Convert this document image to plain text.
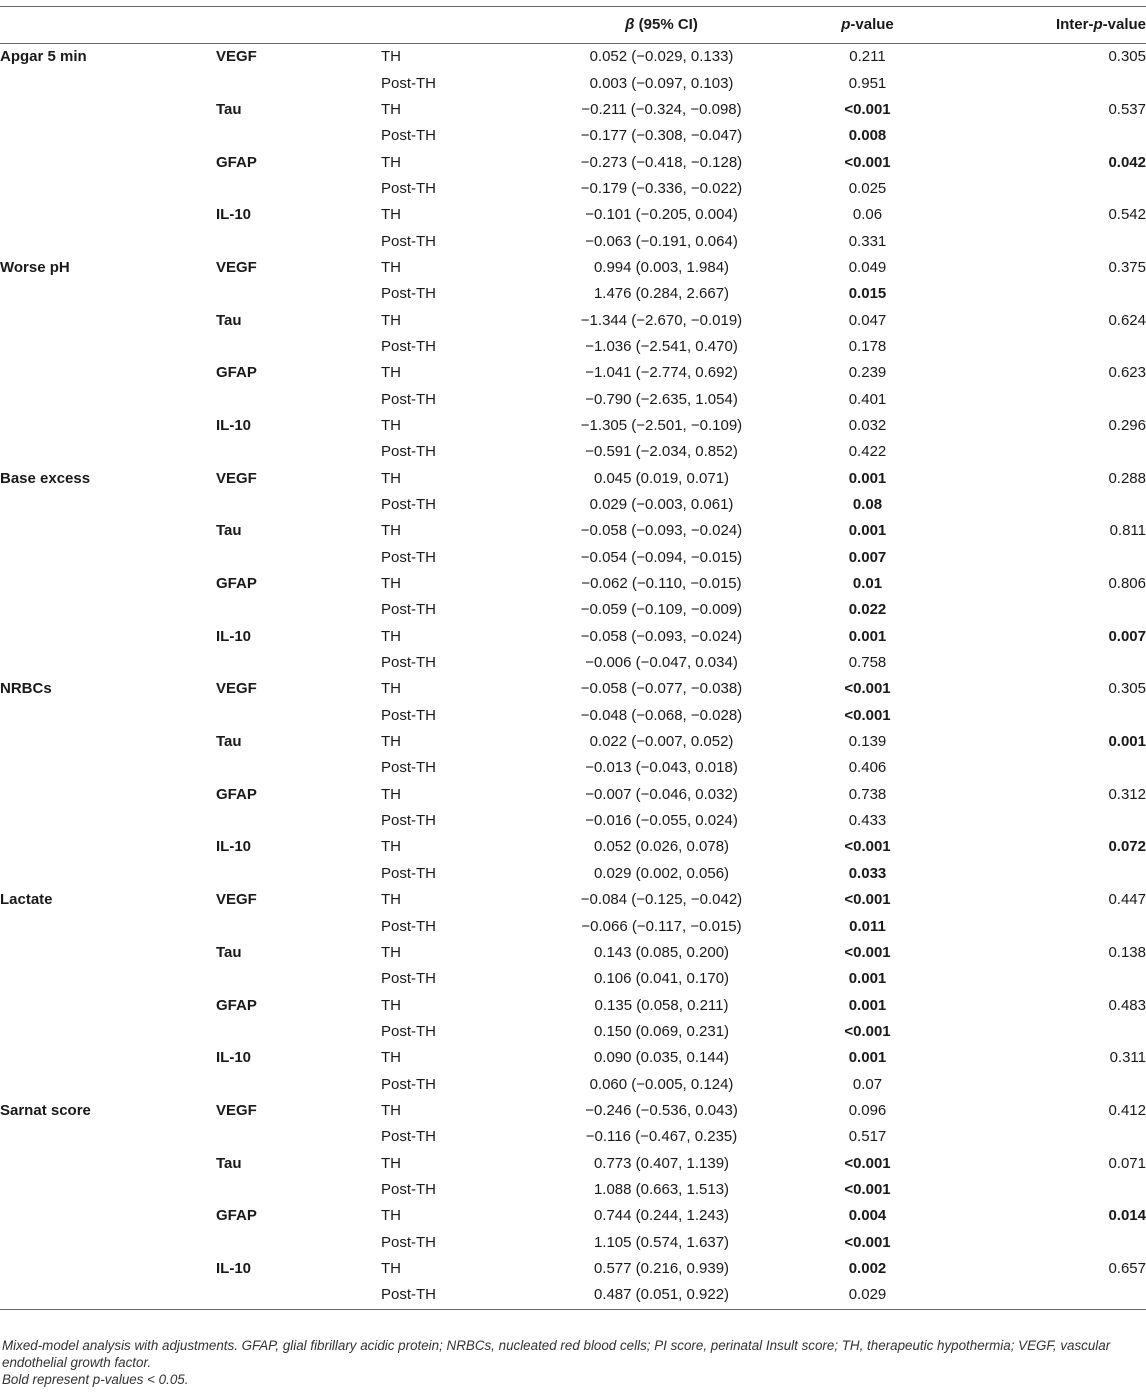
			β (95% CI)	p-value	Inter-p-value
Apgar 5 min	VEGF	TH	0.052 (−0.029, 0.133)	0.211	0.305
		Post-TH	0.003 (−0.097, 0.103)	0.951	
	Tau	TH	−0.211 (−0.324, −0.098)	<0.001	0.537
		Post-TH	−0.177 (−0.308, −0.047)	0.008	
	GFAP	TH	−0.273 (−0.418, −0.128)	<0.001	0.042
		Post-TH	−0.179 (−0.336, −0.022)	0.025	
	IL-10	TH	−0.101 (−0.205, 0.004)	0.06	0.542
		Post-TH	−0.063 (−0.191, 0.064)	0.331	
Worse pH	VEGF	TH	0.994 (0.003, 1.984)	0.049	0.375
		Post-TH	1.476 (0.284, 2.667)	0.015	
	Tau	TH	−1.344 (−2.670, −0.019)	0.047	0.624
		Post-TH	−1.036 (−2.541, 0.470)	0.178	
	GFAP	TH	−1.041 (−2.774, 0.692)	0.239	0.623
		Post-TH	−0.790 (−2.635, 1.054)	0.401	
	IL-10	TH	−1.305 (−2.501, −0.109)	0.032	0.296
		Post-TH	−0.591 (−2.034, 0.852)	0.422	
Base excess	VEGF	TH	0.045 (0.019, 0.071)	0.001	0.288
		Post-TH	0.029 (−0.003, 0.061)	0.08	
	Tau	TH	−0.058 (−0.093, −0.024)	0.001	0.811
		Post-TH	−0.054 (−0.094, −0.015)	0.007	
	GFAP	TH	−0.062 (−0.110, −0.015)	0.01	0.806
		Post-TH	−0.059 (−0.109, −0.009)	0.022	
	IL-10	TH	−0.058 (−0.093, −0.024)	0.001	0.007
		Post-TH	−0.006 (−0.047, 0.034)	0.758	
NRBCs	VEGF	TH	−0.058 (−0.077, −0.038)	<0.001	0.305
		Post-TH	−0.048 (−0.068, −0.028)	<0.001	
	Tau	TH	0.022 (−0.007, 0.052)	0.139	0.001
		Post-TH	−0.013 (−0.043, 0.018)	0.406	
	GFAP	TH	−0.007 (−0.046, 0.032)	0.738	0.312
		Post-TH	−0.016 (−0.055, 0.024)	0.433	
	IL-10	TH	0.052 (0.026, 0.078)	<0.001	0.072
		Post-TH	0.029 (0.002, 0.056)	0.033	
Lactate	VEGF	TH	−0.084 (−0.125, −0.042)	<0.001	0.447
		Post-TH	−0.066 (−0.117, −0.015)	0.011	
	Tau	TH	0.143 (0.085, 0.200)	<0.001	0.138
		Post-TH	0.106 (0.041, 0.170)	0.001	
	GFAP	TH	0.135 (0.058, 0.211)	0.001	0.483
		Post-TH	0.150 (0.069, 0.231)	<0.001	
	IL-10	TH	0.090 (0.035, 0.144)	0.001	0.311
		Post-TH	0.060 (−0.005, 0.124)	0.07	
Sarnat score	VEGF	TH	−0.246 (−0.536, 0.043)	0.096	0.412
		Post-TH	−0.116 (−0.467, 0.235)	0.517	
	Tau	TH	0.773 (0.407, 1.139)	<0.001	0.071
		Post-TH	1.088 (0.663, 1.513)	<0.001	
	GFAP	TH	0.744 (0.244, 1.243)	0.004	0.014
		Post-TH	1.105 (0.574, 1.637)	<0.001	
	IL-10	TH	0.577 (0.216, 0.939)	0.002	0.657
		Post-TH	0.487 (0.051, 0.922)	0.029	

Mixed-model analysis with adjustments. GFAP, glial fibrillary acidic protein; NRBCs, nucleated red blood cells; PI score, perinatal Insult score; TH, therapeutic hypothermia; VEGF, vascular endothelial growth factor.

Bold represent p-values < 0.05.
